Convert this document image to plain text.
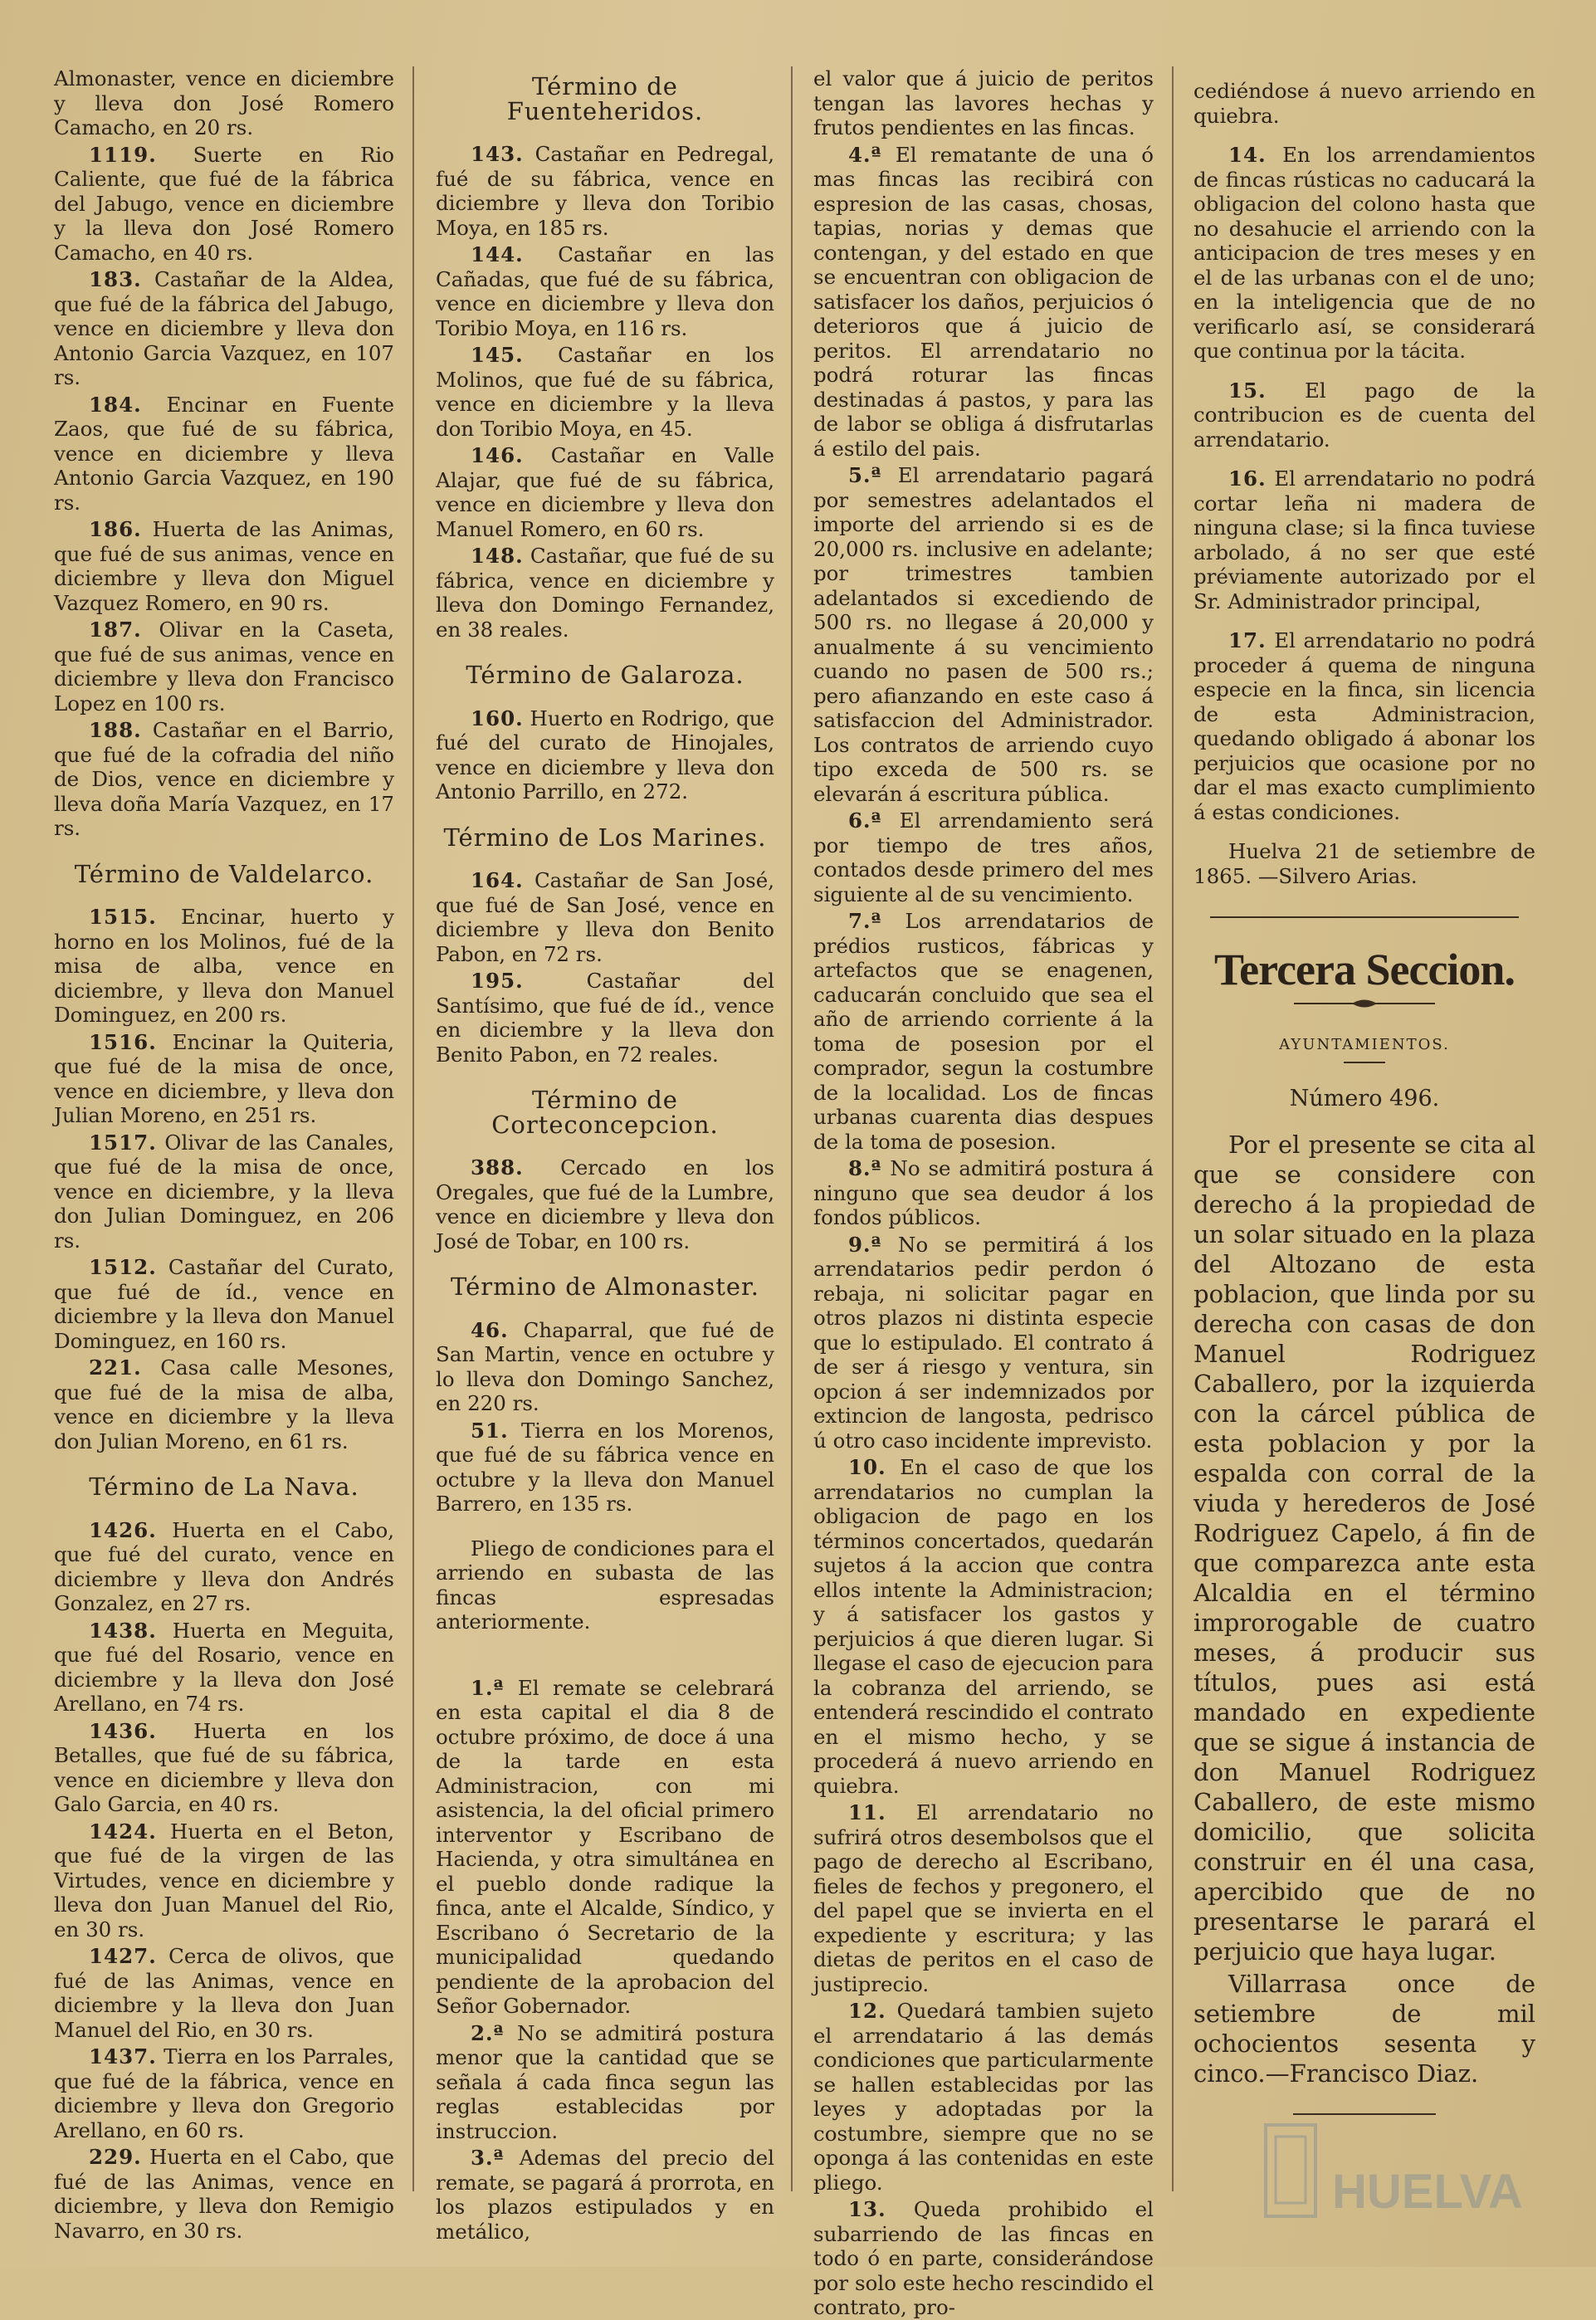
Almonaster, vence en diciembre y lleva don José Romero Camacho, en 20 rs.

1119. Suerte en Rio Caliente, que fué de la fábrica del Jabugo, vence en diciembre y la lleva don José Romero Camacho, en 40 rs.

183. Castañar de la Aldea, que fué de la fábrica del Jabugo, vence en diciembre y lleva don Antonio Garcia Vazquez, en 107 rs.

184. Encinar en Fuente Zaos, que fué de su fábrica, vence en diciembre y lleva Antonio Garcia Vazquez, en 190 rs.

186. Huerta de las Animas, que fué de sus animas, vence en diciembre y lleva don Miguel Vazquez Romero, en 90 rs.

187. Olivar en la Caseta, que fué de sus animas, vence en diciembre y lleva don Francisco Lopez en 100 rs.

188. Castañar en el Barrio, que fué de la cofradia del niño de Dios, vence en diciembre y lleva doña María Vazquez, en 17 rs.

Término de Valdelarco.

1515. Encinar, huerto y horno en los Molinos, fué de la misa de alba, vence en diciembre, y lleva don Manuel Dominguez, en 200 rs.

1516. Encinar la Quiteria, que fué de la misa de once, vence en diciembre, y lleva don Julian Moreno, en 251 rs.

1517. Olivar de las Canales, que fué de la misa de once, vence en diciembre, y la lleva don Julian Dominguez, en 206 rs.

1512. Castañar del Curato, que fué de íd., vence en diciembre y la lleva don Manuel Dominguez, en 160 rs.

221. Casa calle Mesones, que fué de la misa de alba, vence en diciembre y la lleva don Julian Moreno, en 61 rs.

Término de La Nava.

1426. Huerta en el Cabo, que fué del curato, vence en diciembre y lleva don Andrés Gonzalez, en 27 rs.

1438. Huerta en Meguita, que fué del Rosario, vence en diciembre y la lleva don José Arellano, en 74 rs.

1436. Huerta en los Betalles, que fué de su fábrica, vence en diciembre y lleva don Galo Garcia, en 40 rs.

1424. Huerta en el Beton, que fué de la virgen de las Virtudes, vence en diciembre y lleva don Juan Manuel del Rio, en 30 rs.

1427. Cerca de olivos, que fué de las Animas, vence en diciembre y la lleva don Juan Manuel del Rio, en 30 rs.

1437. Tierra en los Parrales, que fué de la fábrica, vence en diciembre y lleva don Gregorio Arellano, en 60 rs.

229. Huerta en el Cabo, que fué de las Animas, vence en diciembre, y lleva don Remigio Navarro, en 30 rs.

Término de Fuenteheridos.

143. Castañar en Pedregal, fué de su fábrica, vence en diciembre y lleva don Toribio Moya, en 185 rs.

144. Castañar en las Cañadas, que fué de su fábrica, vence en diciembre y lleva don Toribio Moya, en 116 rs.

145. Castañar en los Molinos, que fué de su fábrica, vence en diciembre y la lleva don Toribio Moya, en 45.

146. Castañar en Valle Alajar, que fué de su fábrica, vence en diciembre y lleva don Manuel Romero, en 60 rs.

148. Castañar, que fué de su fábrica, vence en diciembre y lleva don Domingo Fernandez, en 38 reales.

Término de Galaroza.

160. Huerto en Rodrigo, que fué del curato de Hinojales, vence en diciembre y lleva don Antonio Parrillo, en 272.

Término de Los Marines.

164. Castañar de San José, que fué de San José, vence en diciembre y lleva don Benito Pabon, en 72 rs.

195.	Castañar del Santísimo, que fué de íd., vence en diciembre y la lleva don Benito Pabon, en 72 reales.

Término de Corteconcepcion.

388. Cercado en los Oregales, que fué de la Lumbre, vence en diciembre y lleva don José de Tobar, en 100 rs.

Término de Almonaster.

46. Chaparral, que fué de San Martin, vence en octubre y lo lleva don Domingo Sanchez, en 220 rs.

51. Tierra en los Morenos, que fué de su fábrica vence en octubre y la lleva don Manuel Barrero, en 135 rs.

Pliego de condiciones para el arriendo en subasta de las fincas espresadas anteriormente.

1.ª El remate se celebrará en esta capital el dia 8 de octubre próximo, de doce á una de la tarde en esta Administracion, con mi asistencia, la del oficial primero interventor y Escribano de Hacienda, y otra simultánea en el pueblo donde radique la finca, ante el Alcalde, Síndico, y Escribano ó Secretario de la municipalidad quedando pendiente de la aprobacion del Señor Gobernador.

2.ª No se admitirá postura menor que la cantidad que se señala á cada finca segun las reglas establecidas por instruccion.

3.ª Ademas del precio del remate, se pagará á prorrota, en los plazos estipulados y en metálico,

el valor que á juicio de peritos tengan las lavores hechas y frutos pendientes en las fincas.

4.ª El rematante de una ó mas fincas las recibirá con espresion de las casas, chosas, tapias, norias y demas que contengan, y del estado en que se encuentran con obligacion de satisfacer los daños, perjuicios ó deterioros que á juicio de peritos. El arrendatario no podrá roturar las fincas destinadas á pastos, y para las de labor se obliga á disfrutarlas á estilo del pais.

5.ª El arrendatario pagará por semestres adelantados el importe del arriendo si es de 20,000 rs. inclusive en adelante; por trimestres tambien adelantados si excediendo de 500 rs. no llegase á 20,000 y anualmente á su vencimiento cuando no pasen de 500 rs.; pero afianzando en este caso á satisfaccion del Administrador. Los contratos de arriendo cuyo tipo exceda de 500 rs. se elevarán á escritura pública.

6.ª El arrendamiento será por tiempo de tres años, contados desde primero del mes siguiente al de su vencimiento.

7.ª Los arrendatarios de prédios rusticos, fábricas y artefactos que se enagenen, caducarán concluido que sea el año de arriendo corriente á la toma de posesion por el comprador, segun la costumbre de la localidad. Los de fincas urbanas cuarenta dias despues de la toma de posesion.

8.ª No se admitirá postura á ninguno que sea deudor á los fondos públicos.

9.ª No se permitirá á los arrendatarios pedir perdon ó rebaja, ni solicitar pagar en otros plazos ni distinta especie que lo estipulado. El contrato á de ser á riesgo y ventura, sin opcion á ser indemnizados por extincion de langosta, pedrisco ú otro caso incidente imprevisto.

10. En el caso de que los arrendatarios no cumplan la obligacion de pago en los términos concertados, quedarán sujetos á la accion que contra ellos intente la Administracion; y á satisfacer los gastos y perjuicios á que dieren lugar. Si llegase el caso de ejecucion para la cobranza del arriendo, se entenderá rescindido el contrato en el mismo hecho, y se procederá á nuevo arriendo en quiebra.

11. El arrendatario no sufrirá otros desembolsos que el pago de derecho al Escribano, fieles de fechos y pregonero, el del papel que se invierta en el expediente y escritura; y las dietas de peritos en el caso de justiprecio.

12. Quedará tambien sujeto el arrendatario á las demás condiciones que particularmente se hallen establecidas por las leyes y adoptadas por la costumbre, siempre que no se oponga á las contenidas en este pliego.

13. Queda prohibido el subarriendo de las fincas en todo ó en parte, considerándose por solo este hecho rescindido el contrato, pro-

cediéndose á nuevo arriendo en quiebra.

14. En los arrendamientos de fincas rústicas no caducará la obligacion del colono hasta que no desahucie el arriendo con la anticipacion de tres meses y en el de las urbanas con el de uno; en la inteligencia que de no verificarlo así, se considerará que continua por la tácita.

15. El pago de la contribucion es de cuenta del arrendatario.

16. El arrendatario no podrá cortar leña ni madera de ninguna clase; si la finca tuviese arbolado, á no ser que esté préviamente autorizado por el Sr. Administrador principal,

17. El arrendatario no podrá proceder á quema de ninguna especie en la finca, sin licencia de esta Administracion, quedando obligado á abonar los perjuicios que ocasione por no dar el mas exacto cumplimiento á estas condiciones.

Huelva 21 de setiembre de 1865. —Silvero Arias.

Tercera Seccion.
AYUNTAMIENTOS.
Número 496.

Por el presente se cita al que se considere con derecho á la propiedad de un solar situado en la plaza del Altozano de esta poblacion, que linda por su derecha con casas de don Manuel Rodriguez Caballero, por la izquierda con la cárcel pública de esta poblacion y por la espalda con corral de la viuda y herederos de José Rodriguez Capelo, á fin de que comparezca ante esta Alcaldia en el término improrogable de cuatro meses, á producir sus títulos, pues asi está mandado en expediente que se sigue á instancia de don Manuel Rodriguez Caballero, de este mismo domicilio, que solicita construir en él una casa, apercibido que de no presentarse le parará el perjuicio que haya lugar.

Villarrasa once de setiembre de mil ochocientos sesenta y cinco.—Francisco Diaz.

HUELVA
